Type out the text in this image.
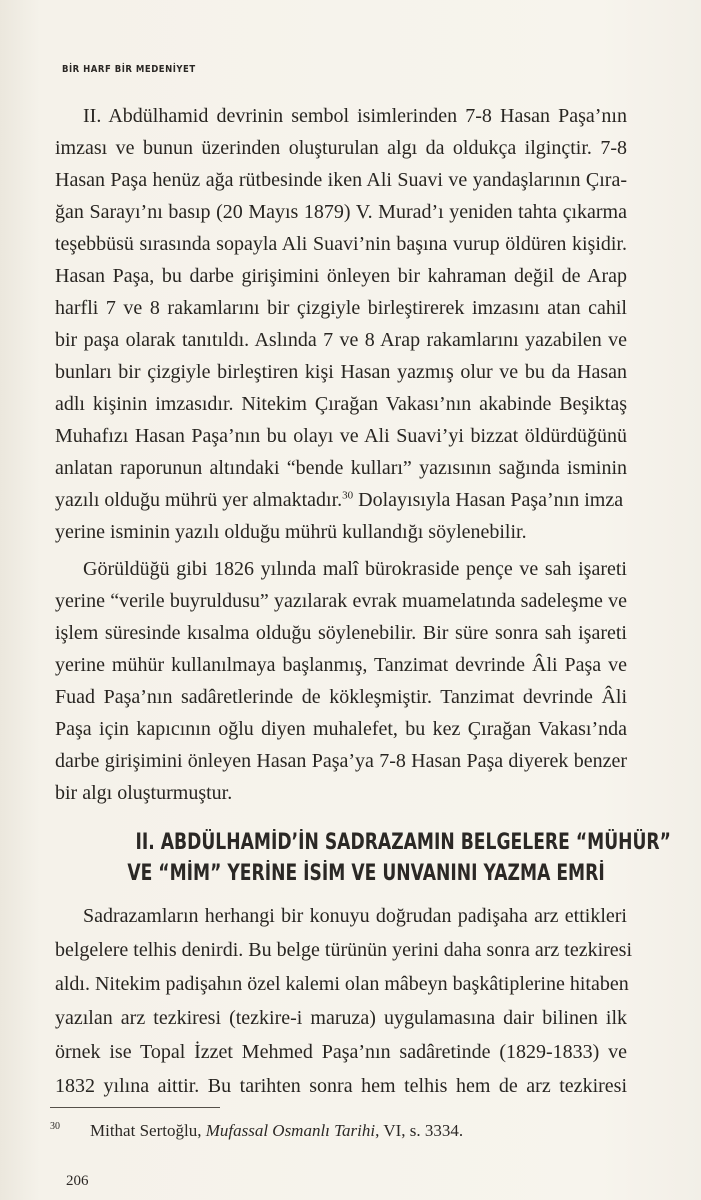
BİR HARF BİR MEDENİYET
II. Abdülhamid devrinin sembol isimlerinden 7-8 Hasan Paşa’nın
imzası ve bunun üzerinden oluşturulan algı da oldukça ilginçtir. 7-8
Hasan Paşa henüz ağa rütbesinde iken Ali Suavi ve yandaşlarının Çıra-
ğan Sarayı’nı basıp (20 Mayıs 1879) V. Murad’ı yeniden tahta çıkarma
teşebbüsü sırasında sopayla Ali Suavi’nin başına vurup öldüren kişidir.
Hasan Paşa, bu darbe girişimini önleyen bir kahraman değil de Arap
harfli 7 ve 8 rakamlarını bir çizgiyle birleştirerek imzasını atan cahil
bir paşa olarak tanıtıldı. Aslında 7 ve 8 Arap rakamlarını yazabilen ve
bunları bir çizgiyle birleştiren kişi Hasan yazmış olur ve bu da Hasan
adlı kişinin imzasıdır. Nitekim Çırağan Vakası’nın akabinde Beşiktaş
Muhafızı Hasan Paşa’nın bu olayı ve Ali Suavi’yi bizzat öldürdüğünü
anlatan raporunun altındaki “bende kulları” yazısının sağında isminin
yazılı olduğu mührü yer almaktadır.$^{30}$ Dolayısıyla Hasan Paşa’nın imza
yerine isminin yazılı olduğu mührü kullandığı söylenebilir.
Görüldüğü gibi 1826 yılında malî bürokraside pençe ve sah işareti
yerine “verile buyruldusu” yazılarak evrak muamelatında sadeleşme ve
işlem süresinde kısalma olduğu söylenebilir. Bir süre sonra sah işareti
yerine mühür kullanılmaya başlanmış, Tanzimat devrinde Âli Paşa ve
Fuad Paşa’nın sadâretlerinde de kökleşmiştir. Tanzimat devrinde Âli
Paşa için kapıcının oğlu diyen muhalefet, bu kez Çırağan Vakası’nda
darbe girişimini önleyen Hasan Paşa’ya 7-8 Hasan Paşa diyerek benzer
bir algı oluşturmuştur.
II. ABDÜLHAMİD’İN SADRAZAMIN BELGELERE “MÜHÜR”
VE “MİM” YERİNE İSİM VE UNVANINI YAZMA EMRİ
Sadrazamların herhangi bir konuyu doğrudan padişaha arz ettikleri
belgelere telhis denirdi. Bu belge türünün yerini daha sonra arz tezkiresi
aldı. Nitekim padişahın özel kalemi olan mâbeyn başkâtiplerine hitaben
yazılan arz tezkiresi (tezkire-i maruza) uygulamasına dair bilinen ilk
örnek ise Topal İzzet Mehmed Paşa’nın sadâretinde (1829-1833) ve
1832 yılına aittir. Bu tarihten sonra hem telhis hem de arz tezkiresi
$^{30}$ Mithat Sertoğlu, Mufassal Osmanlı Tarihi, VI, s. 3334.
206
